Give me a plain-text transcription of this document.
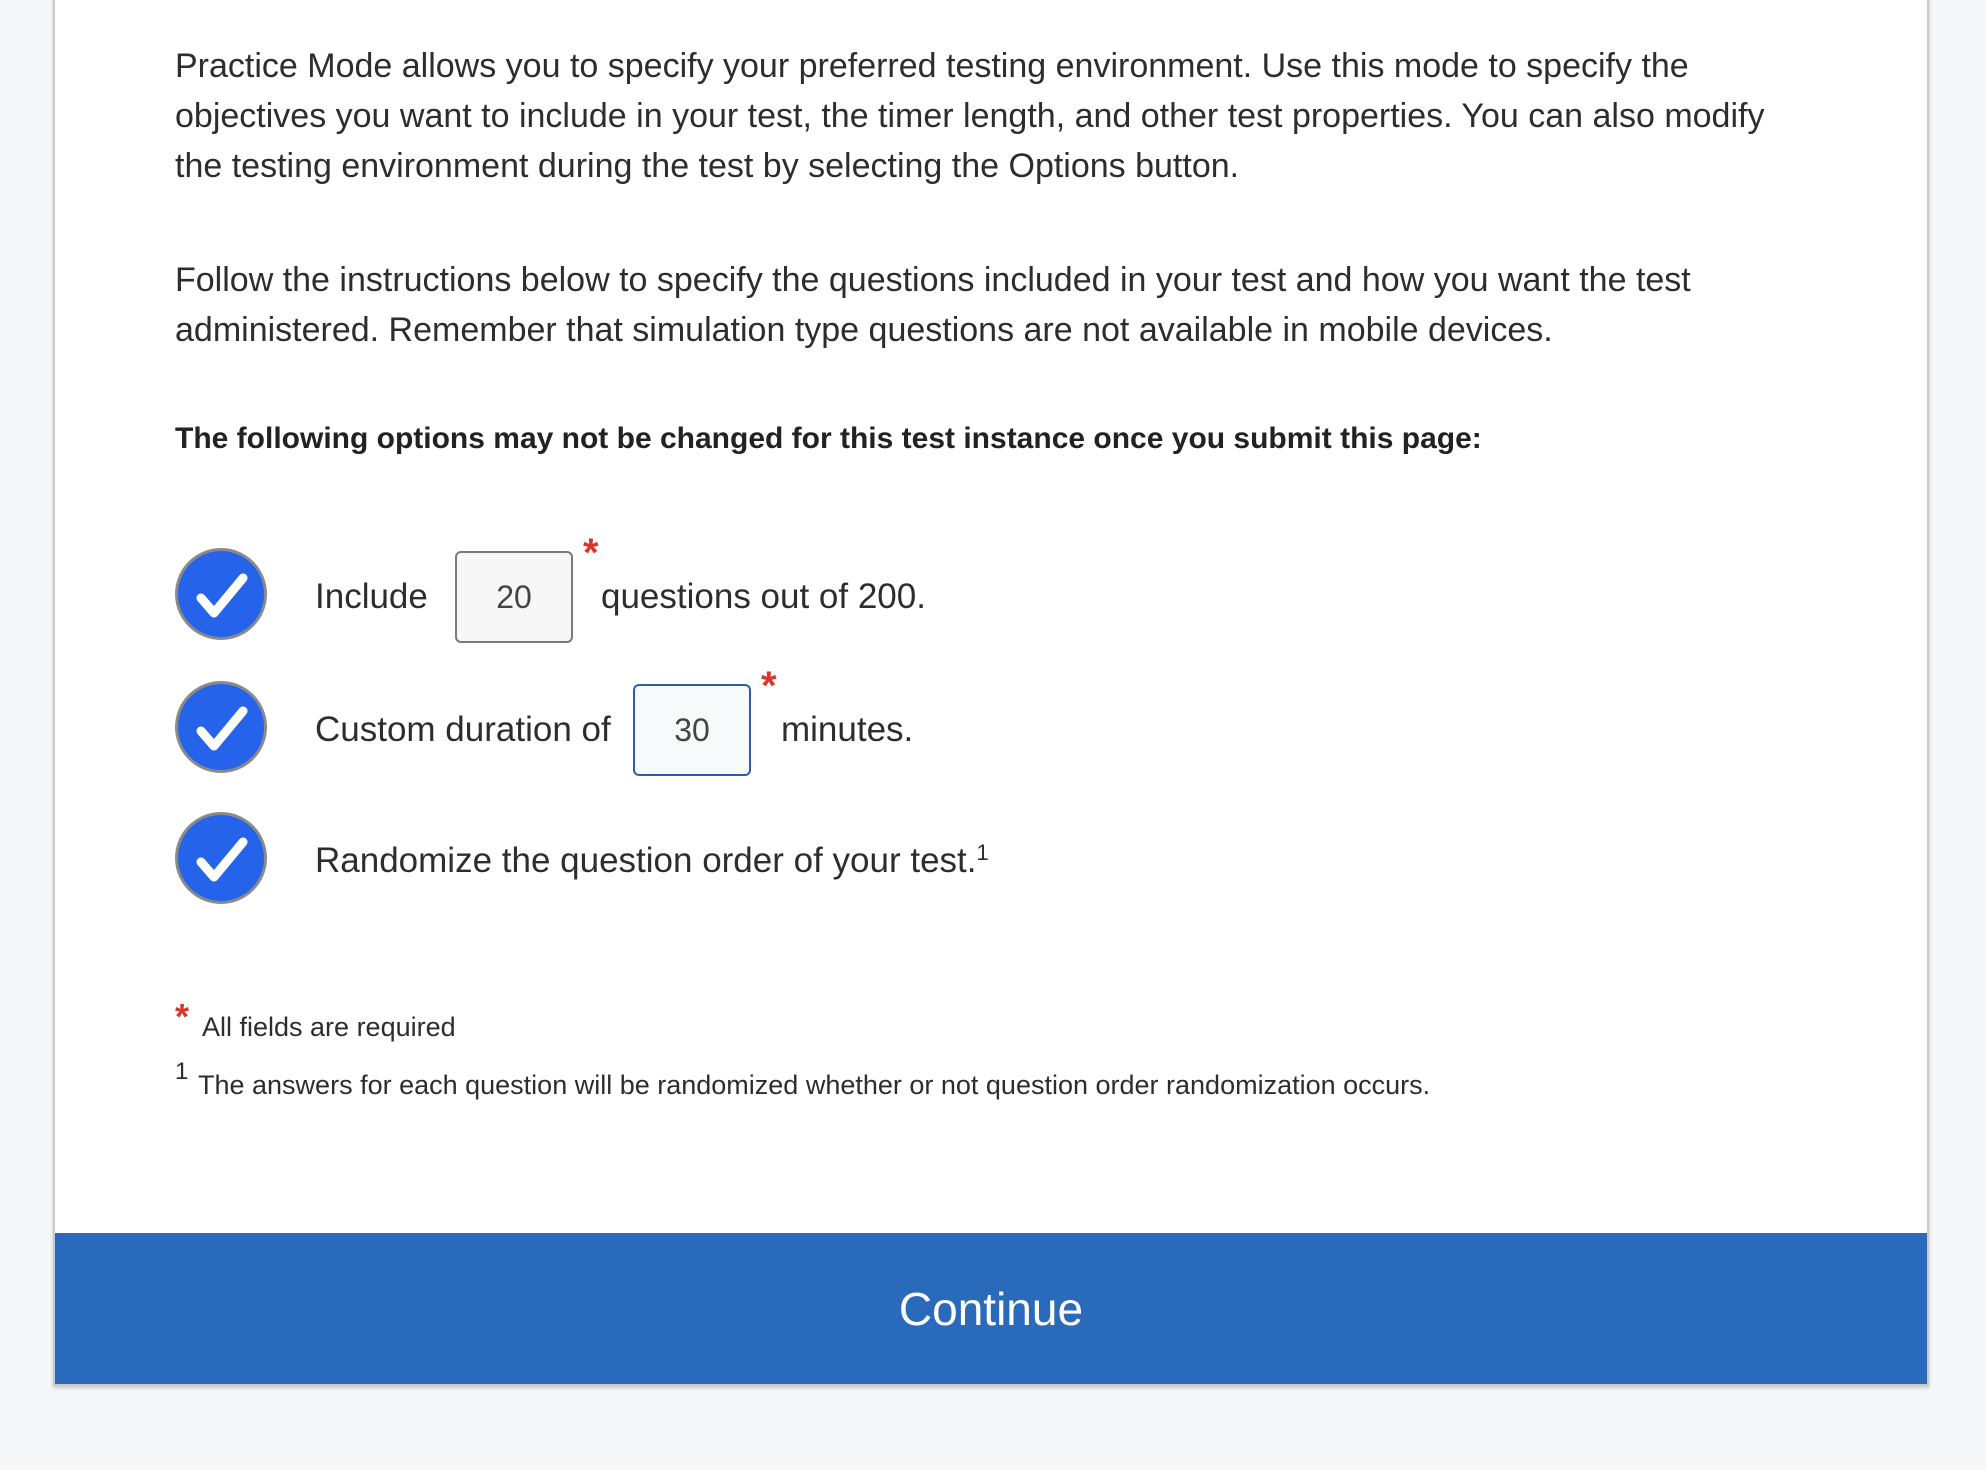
Practice Mode allows you to specify your preferred testing environment. Use this mode to specify the objectives you want to include in your test, the timer length, and other test properties. You can also modify the testing environment during the test by selecting the Options button.

Follow the instructions below to specify the questions included in your test and how you want the test administered. Remember that simulation type questions are not available in mobile devices.

The following options may not be changed for this test instance once you submit this page:

Include
20
*
questions out of 200.
Custom duration of
30
*
minutes.
Randomize the question order of your test.$^1$
* All fields are required
1 The answers for each question will be randomized whether or not question order randomization occurs.
Continue
